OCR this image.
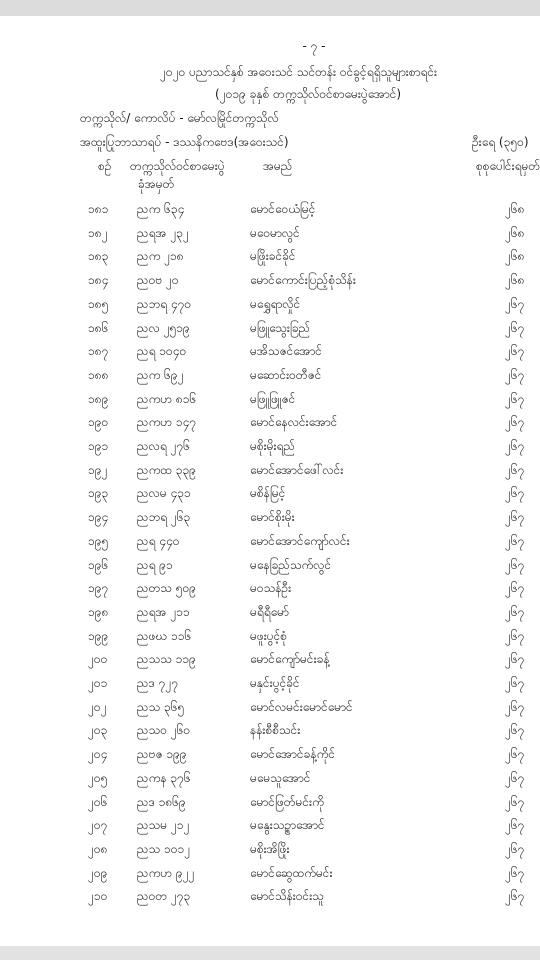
- ၇ -
၂၀၂၀ ပညာသင်နှစ် အဝေးသင် သင်တန်း ဝင်ခွင့်ရရှိသူများစာရင်း
(၂၀၁၉ ခုနှစ် တက္ကသိုလ်ဝင်စာမေးပွဲအောင်)
တက္ကသိုလ်/ ကောလိပ် - မော်လမြိုင်တက္ကသိုလ်
အထူးပြုဘာသာရပ် - ဒဿနိကဗေဒ(အဝေးသင်)	ဦးရေ (၃၅၀)
စဉ် တက္ကသိုလ်ဝင်စာမေးပွဲ
ခုံအမှတ်
အမည်	စုစုပေါင်းရမှတ်
၁၈၁ ညက ၆၃၄	မောင်ဝေယံမြင့်	၂၆၈
၁၈၂ ညရအ ၂၃၂	မဝေမာလွင်	၂၆၈
၁၈၃ ညက ၂၁၈	မဖြိုးခင်ခိုင်	၂၆၈
၁၈၄ ညဝဗ ၂၀	မောင်ကောင်းပြည့်စုံသိန်း	၂၆၈
၁၈၅ ညဘရ ၄၇၀	မရွှေရာလှိုင်	၂၆၇
၁၈၆ ညလ ၂၅၁၉	မဖြူသွေးခြည်	၂၆၇
၁၈၇ ညရ ၁၀၄၀	မအိသဇင်အောင်	၂၆၇
၁၈၈ ညက ၆၉၂	မဆောင်းဝတီဇင်	၂၆၇
၁၈၉ ညကဟ ၈၁၆	မဖြူဖြူဇင်	၂၆၇
၁၉၀ ညကဟ ၁၄၇	မောင်နေလင်းအောင်	၂၆၇
၁၉၁ ညလရ ၂၇၆	မစိုးမိုးရည်	၂၆၇
၁၉၂ ညကထ ၃၃၉	မောင်အောင်ဖေါ်လင်း	၂၆၇
၁၉၃ ညလမ ၄၃၁	မစိန်မြင့်	၂၆၇
၁၉၄ ညဘရ ၂၆၃	မောင်စိုးမိုး	၂၆၇
၁၉၅ ညရ ၄၄၀	မောင်အောင်ကျော်လင်း	၂၆၇
၁၉၆ ညရ ၉၁	မနေခြည်သက်လွင်	၂၆၇
၁၉၇ ညတသ ၅၀၉	မဝသန်ဦး	၂၆၇
၁၉၈ ညရအ ၂၁၁	မရီရီမော်	၂၆၇
၁၉၉ ညဖဃ ၁၁၆	မဖူးပွင့်စုံ	၂၆၇
၂၀၀ ညသသ ၁၁၉	မောင်ကျော်မင်းခန့်	၂၆၇
၂၀၁ ညဒ ၇၂၇	မနှင်းပွင့်ခိုင်	၂၆၇
၂၀၂	ညသ ၃၆၅	မောင်လမင်းမောင်မောင်	၂၆၇
၂၀၃ ညသဝ ၂၆၀	နန်းစီစီသင်း	၂၆၇
၂၀၄ ညဗဇ ၁၉၉	မောင်အောင်ခန့်ကိုင်	၂၆၇
၂၀၅ ညကန ၃၇၆	မမေသူအောင်	၂၆၇
၂၀၆ ညဒ ၁၈၆၉	မောင်ဖြတ်မင်းကို	၂၆၇
၂၀၇ ညသမ ၂၁၂	မနွေးသဥ္စာအောင်	၂၆၇
၂၀၈ ညသ ၁၀၁၂	မစိုးအိဖြိုး	၂၆၇
၂၀၉ ညကဟ ၉၂၂	မောင်ဆွေထက်မင်း	၂၆၇
၂၁၀ ညဝတ ၂၇၃	မောင်သိန်းဝင်းသူ	၂၆၇
